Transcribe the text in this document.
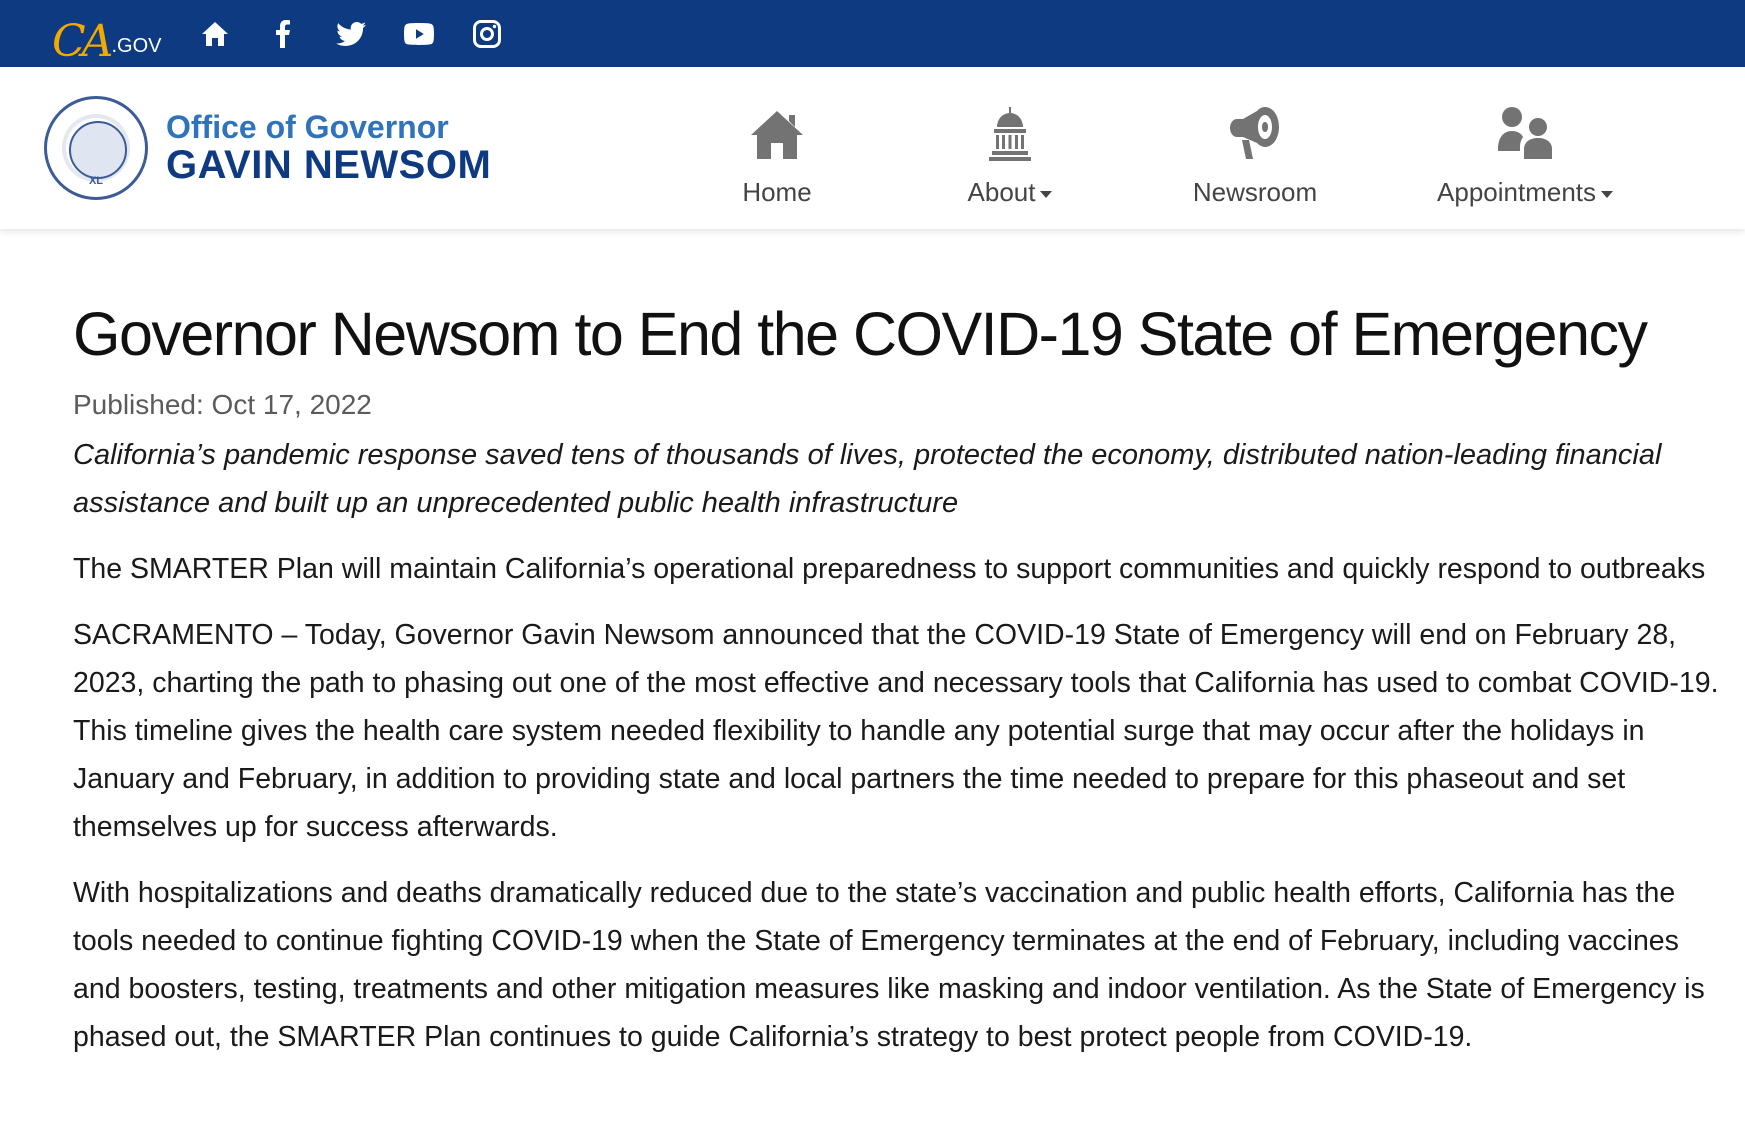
CA .GOV
XL
Office of Governor
GAVIN NEWSOM
Home	About	Newsroom	Appointments
Governor Newsom to End the COVID-19 State of Emergency
Published: Oct 17, 2022
California’s pandemic response saved tens of thousands of lives, protected the economy, distributed nation-leading financial assistance and built up an unprecedented public health infrastructure
The SMARTER Plan will maintain California’s operational preparedness to support communities and quickly respond to outbreaks
SACRAMENTO – Today, Governor Gavin Newsom announced that the COVID-19 State of Emergency will end on February 28, 2023, charting the path to phasing out one of the most effective and necessary tools that California has used to combat COVID-19. This timeline gives the health care system needed flexibility to handle any potential surge that may occur after the holidays in January and February, in addition to providing state and local partners the time needed to prepare for this phaseout and set themselves up for success afterwards.
With hospitalizations and deaths dramatically reduced due to the state’s vaccination and public health efforts, California has the tools needed to continue fighting COVID-19 when the State of Emergency terminates at the end of February, including vaccines and boosters, testing, treatments and other mitigation measures like masking and indoor ventilation. As the State of Emergency is phased out, the SMARTER Plan continues to guide California’s strategy to best protect people from COVID-19.
